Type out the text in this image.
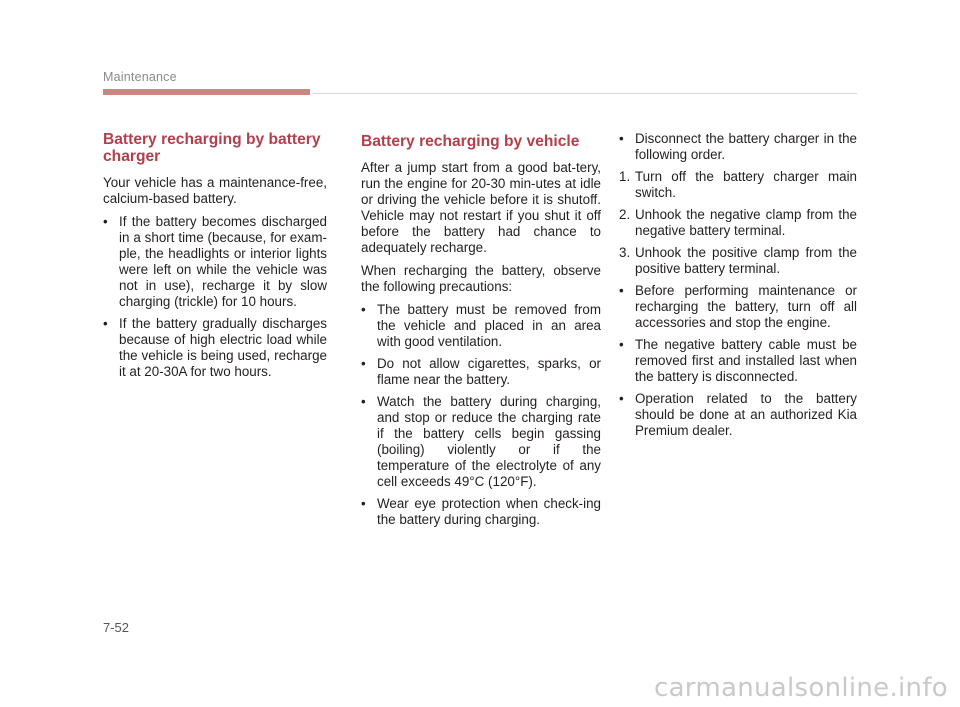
Maintenance
Battery recharging by battery charger

Your vehicle has a maintenance-free, calcium-based battery.

• If the battery becomes discharged in a short time (because, for exam-ple, the headlights or interior lights were left on while the vehicle was not in use), recharge it by slow charging (trickle) for 10 hours.
• If the battery gradually discharges because of high electric load while the vehicle is being used, recharge it at 20-30A for two hours.
Battery recharging by vehicle

After a jump start from a good bat-tery, run the engine for 20-30 min-utes at idle or driving the vehicle before it is shutoff. Vehicle may not restart if you shut it off before the battery had chance to adequately recharge.

When recharging the battery, observe the following precautions:

• The battery must be removed from the vehicle and placed in an area with good ventilation.
• Do not allow cigarettes, sparks, or flame near the battery.
• Watch the battery during charging, and stop or reduce the charging rate if the battery cells begin gassing (boiling) violently or if the temperature of the electrolyte of any cell exceeds 49°C (120°F).
• Wear eye protection when check-ing the battery during charging.
• Disconnect the battery charger in the following order.
1. Turn off the battery charger main switch.
2. Unhook the negative clamp from the negative battery terminal.
3. Unhook the positive clamp from the positive battery terminal.
• Before performing maintenance or recharging the battery, turn off all accessories and stop the engine.
• The negative battery cable must be removed first and installed last when the battery is disconnected.
• Operation related to the battery should be done at an authorized Kia Premium dealer.
7-52
carmanualsonline.info
